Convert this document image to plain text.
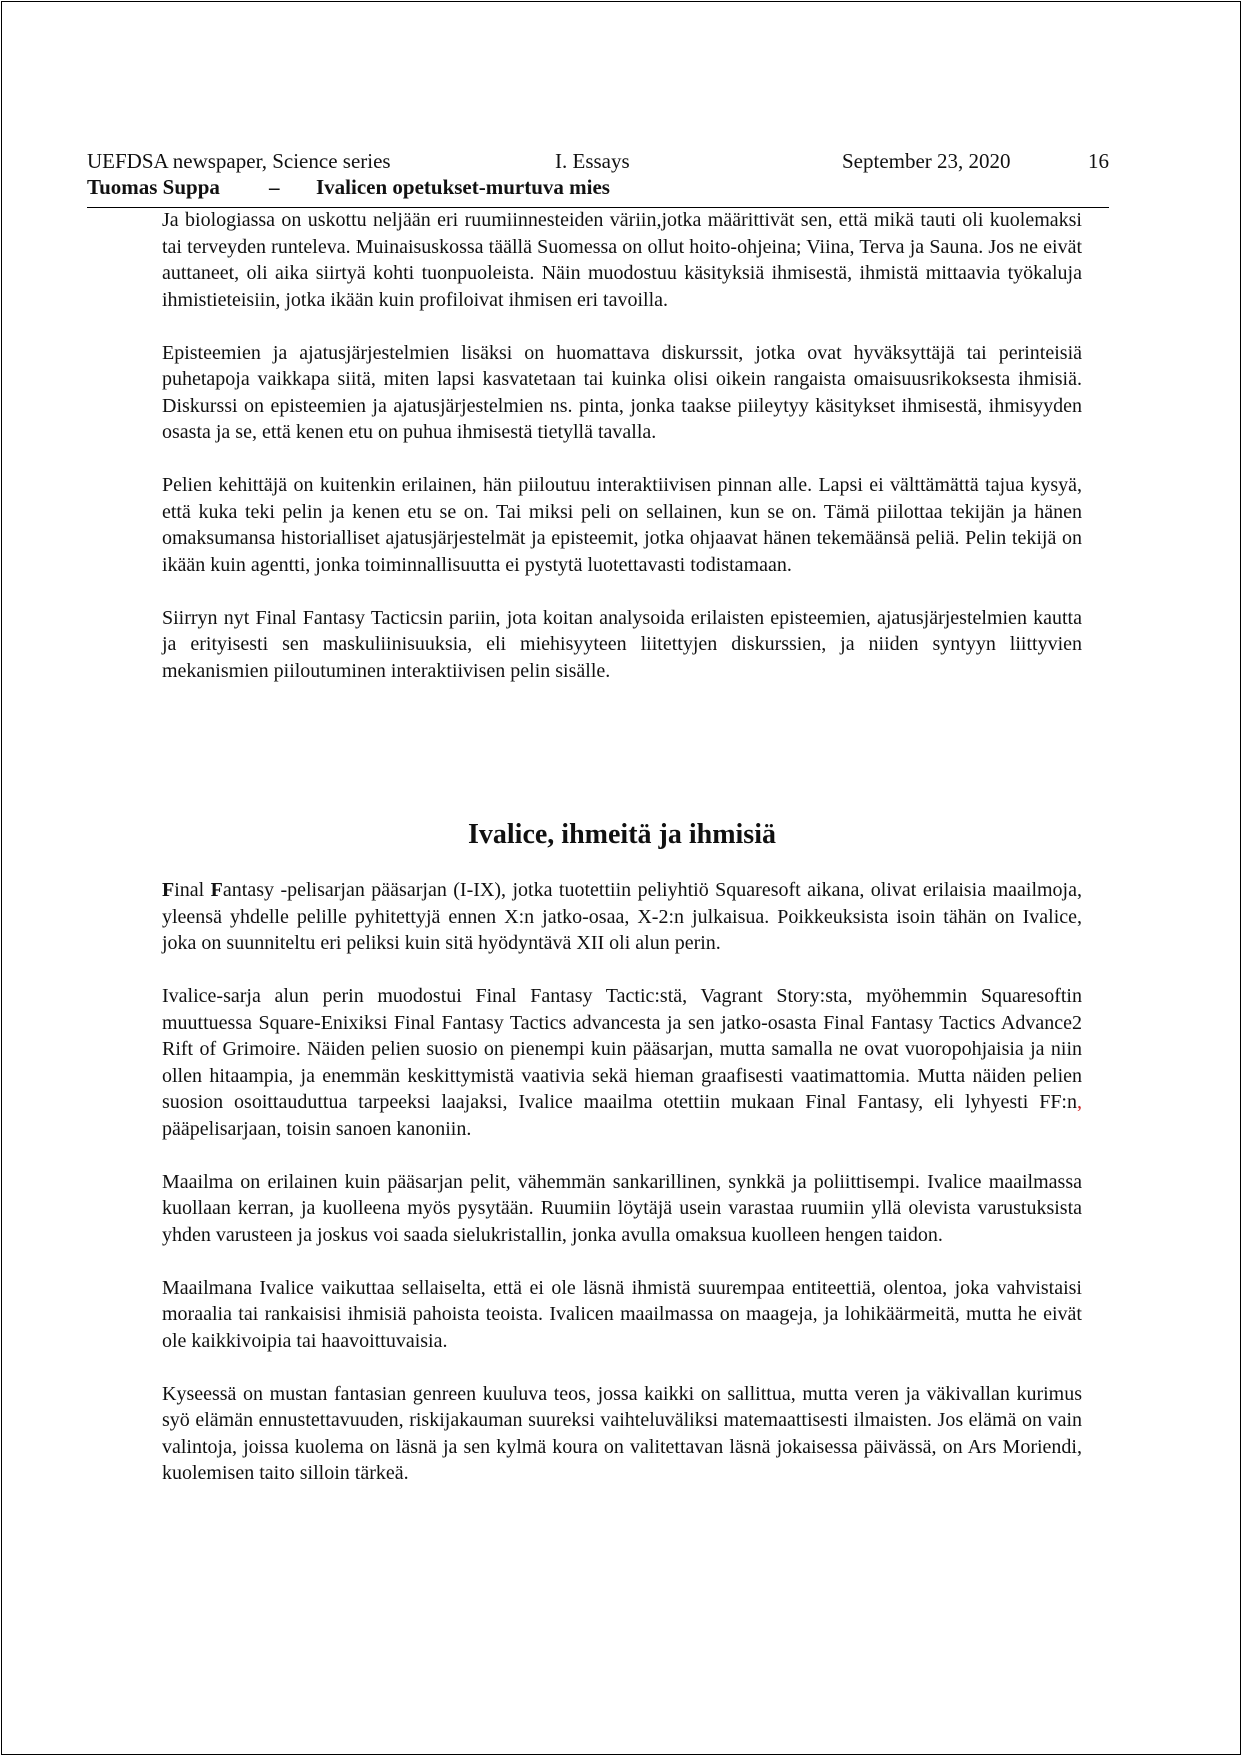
UEFDSA newspaper, Science series	I. Essays	September 23, 2020	16
Tuomas Suppa – Ivalicen opetukset-murtuva mies

Ja biologiassa on uskottu neljään eri ruumiinnesteiden väriin,jotka määrittivät sen, että mikä tauti oli kuolemaksi tai terveyden runteleva. Muinaisuskossa täällä Suomessa on ollut hoito-ohjeina; Viina, Terva ja Sauna. Jos ne eivät auttaneet, oli aika siirtyä kohti tuonpuoleista. Näin muodostuu käsityksiä ihmisestä, ihmistä mittaavia työkaluja ihmistieteisiin, jotka ikään kuin profiloivat ihmisen eri tavoilla.

Episteemien ja ajatusjärjestelmien lisäksi on huomattava diskurssit, jotka ovat hyväksyttäjä tai perinteisiä puhetapoja vaikkapa siitä, miten lapsi kasvatetaan tai kuinka olisi oikein rangaista omaisuusrikoksesta ihmisiä. Diskurssi on episteemien ja ajatusjärjestelmien ns. pinta, jonka taakse piileytyy käsitykset ihmisestä, ihmisyyden osasta ja se, että kenen etu on puhua ihmisestä tietyllä tavalla.

Pelien kehittäjä on kuitenkin erilainen, hän piiloutuu interaktiivisen pinnan alle. Lapsi ei välttämättä tajua kysyä, että kuka teki pelin ja kenen etu se on. Tai miksi peli on sellainen, kun se on. Tämä piilottaa tekijän ja hänen omaksumansa historialliset ajatusjärjestelmät ja episteemit, jotka ohjaavat hänen tekemäänsä peliä. Pelin tekijä on ikään kuin agentti, jonka toiminnallisuutta ei pystytä luotettavasti todistamaan.

Siirryn nyt Final Fantasy Tacticsin pariin, jota koitan analysoida erilaisten episteemien, ajatusjärjestelmien kautta ja erityisesti sen maskuliinisuuksia, eli miehisyyteen liitettyjen diskurssien, ja niiden syntyyn liittyvien mekanismien piiloutuminen interaktiivisen pelin sisälle.

Ivalice, ihmeitä ja ihmisiä

Final Fantasy -pelisarjan pääsarjan (I-IX), jotka tuotettiin peliyhtiö Squaresoft aikana, olivat erilaisia maailmoja, yleensä yhdelle pelille pyhitettyjä ennen X:n jatko-osaa, X-2:n julkaisua. Poikkeuksista isoin tähän on Ivalice, joka on suunniteltu eri peliksi kuin sitä hyödyntävä XII oli alun perin.

Ivalice-sarja alun perin muodostui Final Fantasy Tactic:stä, Vagrant Story:sta, myöhemmin Squaresoftin muuttuessa Square-Enixiksi Final Fantasy Tactics advancesta ja sen jatko-osasta Final Fantasy Tactics Advance2 Rift of Grimoire. Näiden pelien suosio on pienempi kuin pääsarjan, mutta samalla ne ovat vuoropohjaisia ja niin ollen hitaampia, ja enemmän keskittymistä vaativia sekä hieman graafisesti vaatimattomia. Mutta näiden pelien suosion osoittauduttua tarpeeksi laajaksi, Ivalice maailma otettiin mukaan Final Fantasy, eli lyhyesti FF:n, pääpelisarjaan, toisin sanoen kanoniin.

Maailma on erilainen kuin pääsarjan pelit, vähemmän sankarillinen, synkkä ja poliittisempi. Ivalice maailmassa kuollaan kerran, ja kuolleena myös pysytään. Ruumiin löytäjä usein varastaa ruumiin yllä olevista varustuksista yhden varusteen ja joskus voi saada sielukristallin, jonka avulla omaksua kuolleen hengen taidon.

Maailmana Ivalice vaikuttaa sellaiselta, että ei ole läsnä ihmistä suurempaa entiteettiä, olentoa, joka vahvistaisi moraalia tai rankaisisi ihmisiä pahoista teoista. Ivalicen maailmassa on maageja, ja lohikäärmeitä, mutta he eivät ole kaikkivoipia tai haavoittuvaisia.

Kyseessä on mustan fantasian genreen kuuluva teos, jossa kaikki on sallittua, mutta veren ja väkivallan kurimus syö elämän ennustettavuuden, riskijakauman suureksi vaihteluväliksi matemaattisesti ilmaisten. Jos elämä on vain valintoja, joissa kuolema on läsnä ja sen kylmä koura on valitettavan läsnä jokaisessa päivässä, on Ars Moriendi, kuolemisen taito silloin tärkeä.
